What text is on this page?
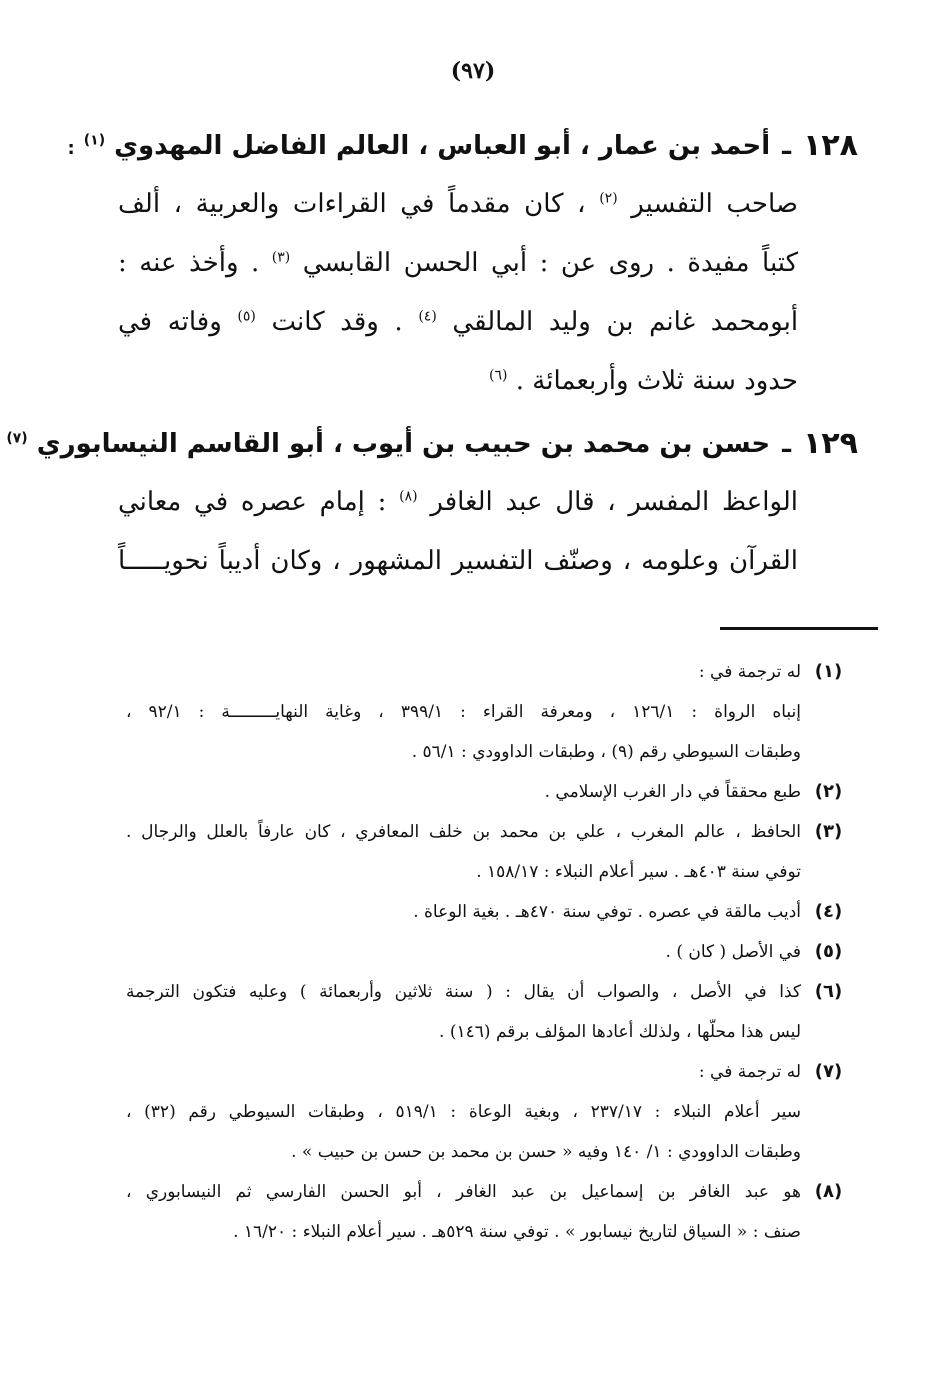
(٩٧)
١٢٨
ـ
أحمد بن عمار ، أبو العباس ، العالم الفاضل المهدوي $^{(١)}$ :
صاحب التفسير $^{(٢)}$ ، كان مقدماً في القراءات والعربية ، ألف
كتباً مفيدة . روى عن : أبي الحسن القابسي $^{(٣)}$ . وأخذ عنه :
أبومحمد غانم بن وليد المالقي $^{(٤)}$ . وقد كانت $^{(٥)}$ وفاته في
حدود سنة ثلاث وأربعمائة . $^{(٦)}$
١٢٩
ـ
حسن بن محمد بن حبيب بن أيوب ، أبو القاسم النيسابوري $^{(٧)}$
الواعظ المفسر ، قال عبد الغافر $^{(٨)}$ : إمام عصره في معاني
القرآن وعلومه ، وصنّف التفسير المشهور ، وكان أديباً نحويـــــاً
(١)
له ترجمة في :
إنباه الرواة : ١٢٦/١ ، ومعرفة القراء : ٣٩٩/١ ، وغاية النهايـــــــــة : ٩٢/١ ،
وطبقات السيوطي رقم (٩) ، وطبقات الداوودي : ٥٦/١ .
(٢)
طبع محققاً في دار الغرب الإسلامي .
(٣)
الحافظ ، عالم المغرب ، علي بن محمد بن خلف المعافري ، كان عارفاً بالعلل والرجال .
توفي سنة ٤٠٣هـ . سير أعلام النبلاء : ١٥٨/١٧ .
(٤)
أديب مالقة في عصره . توفي سنة ٤٧٠هـ . بغية الوعاة .
(٥)
في الأصل ( كان ) .
(٦)
كذا في الأصل ، والصواب أن يقال : ( سنة ثلاثين وأربعمائة ) وعليه فتكون الترجمة
ليس هذا محلّها ، ولذلك أعادها المؤلف برقم (١٤٦) .
(٧)
له ترجمة في :
سير أعلام النبلاء : ٢٣٧/١٧ ، وبغية الوعاة : ٥١٩/١ ، وطبقات السيوطي رقم (٣٢) ،
وطبقات الداوودي : ١/ ١٤٠ وفيه « حسن بن محمد بن حسن بن حبيب » .
(٨)
هو عبد الغافر بن إسماعيل بن عبد الغافر ، أبو الحسن الفارسي ثم النيسابوري ،
صنف : « السياق لتاريخ نيسابور » . توفي سنة ٥٢٩هـ . سير أعلام النبلاء : ١٦/٢٠ .
